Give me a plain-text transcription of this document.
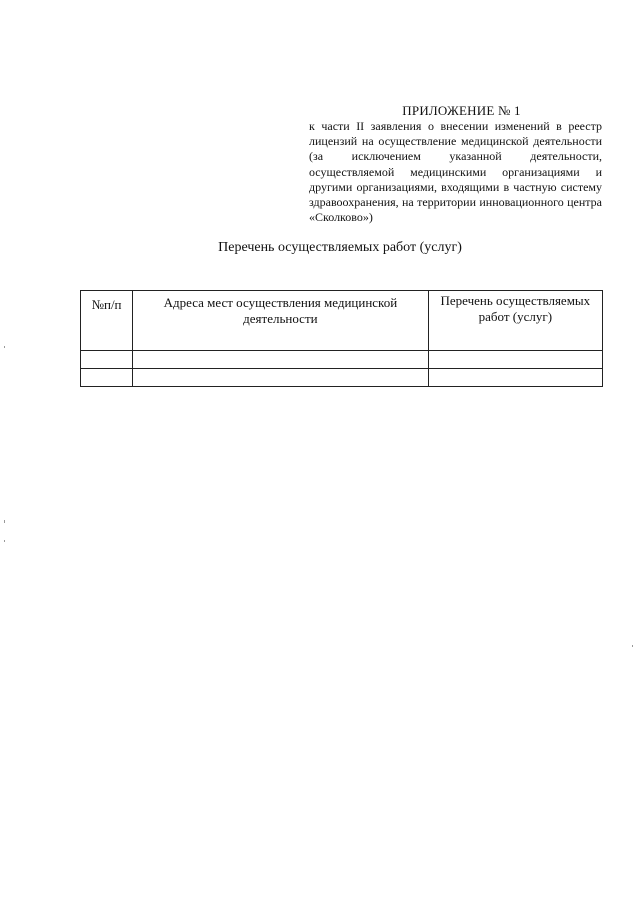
ПРИЛОЖЕНИЕ № 1
к части II заявления о внесении изменений в реестр лицензий на осуществление медицинской деятельности (за исключением указанной деятельности, осуществляемой медицинскими организациями и другими организациями, входящими в частную систему здравоохранения, на территории инновационного центра «Сколково»)
Перечень осуществляемых работ (услуг)
№п/п	Адреса мест осуществления медицинской деятельности	Перечень осуществляемых работ (услуг)
